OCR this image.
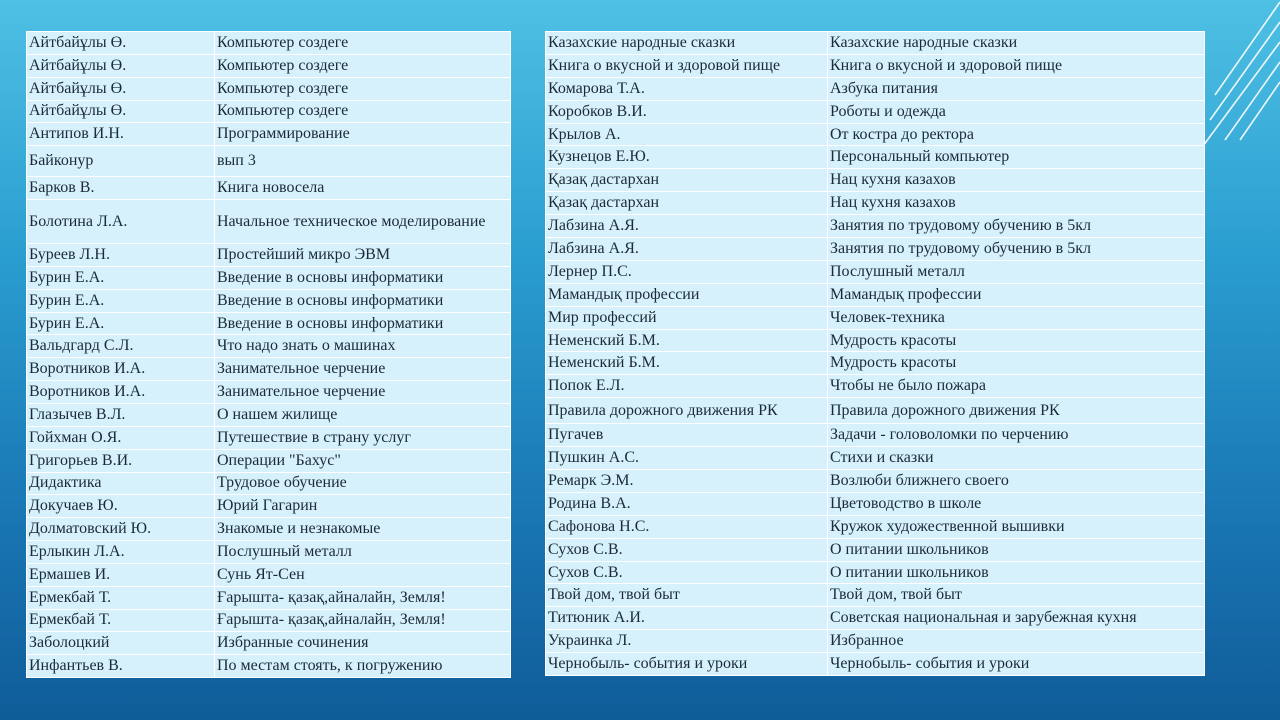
Айтбайұлы Ө.	Компьютер создеге
Айтбайұлы Ө.	Компьютер создеге
Айтбайұлы Ө.	Компьютер создеге
Айтбайұлы Ө.	Компьютер создеге
Антипов И.Н.	Программирование
Байконур	вып 3
Барков В.	Книга новосела
Болотина Л.А.	Начальное техническое моделирование
Буреев Л.Н.	Простейший микро ЭВМ
Бурин Е.А.	Введение в основы информатики
Бурин Е.А.	Введение в основы информатики
Бурин Е.А.	Введение в основы информатики
Вальдгард С.Л.	Что надо знать о машинах
Воротников И.А.	Занимательное черчение
Воротников И.А.	Занимательное черчение
Глазычев В.Л.	О нашем жилище
Гойхман О.Я.	Путешествие в страну услуг
Григорьев В.И.	Операции "Бахус"
Дидактика	Трудовое обучение
Докучаев Ю.	Юрий Гагарин
Долматовский Ю.	Знакомые и незнакомые
Ерлыкин Л.А.	Послушный металл
Ермашев И.	Сунь Ят-Сен
Ермекбай Т.	Ғарышта- қазақ,айналайн, Земля!
Ермекбай Т.	Ғарышта- қазақ,айналайн, Земля!
Заболоцкий	Избранные сочинения
Инфантьев В.	По местам стоять, к погружению
Казахские народные сказки	Казахские народные сказки
Книга о вкусной и здоровой пище	Книга о вкусной и здоровой пище
Комарова Т.А.	Азбука питания
Коробков В.И.	Роботы и одежда
Крылов А.	От костра до ректора
Кузнецов Е.Ю.	Персональный компьютер
Қазақ дастархан	Нац кухня казахов
Қазақ дастархан	Нац кухня казахов
Лабзина А.Я.	Занятия по трудовому обучению в 5кл
Лабзина А.Я.	Занятия по трудовому обучению в 5кл
Лернер П.С.	Послушный металл
Мамандық профессии	Мамандық профессии
Мир профессий	Человек-техника
Неменский Б.М.	Мудрость красоты
Неменский Б.М.	Мудрость красоты
Попок Е.Л.	Чтобы не было пожара
Правила дорожного движения РК	Правила дорожного движения РК
Пугачев	Задачи - головоломки по черчению
Пушкин А.С.	Стихи и сказки
Ремарк Э.М.	Возлюби ближнего своего
Родина В.А.	Цветоводство в школе
Сафонова Н.С.	Кружок художественной вышивки
Сухов С.В.	О питании школьников
Сухов С.В.	О питании школьников
Твой дом, твой быт	Твой дом, твой быт
Титюник А.И.	Советская национальная и зарубежная кухня
Украинка Л.	Избранное
Чернобыль- события и уроки	Чернобыль- события и уроки
